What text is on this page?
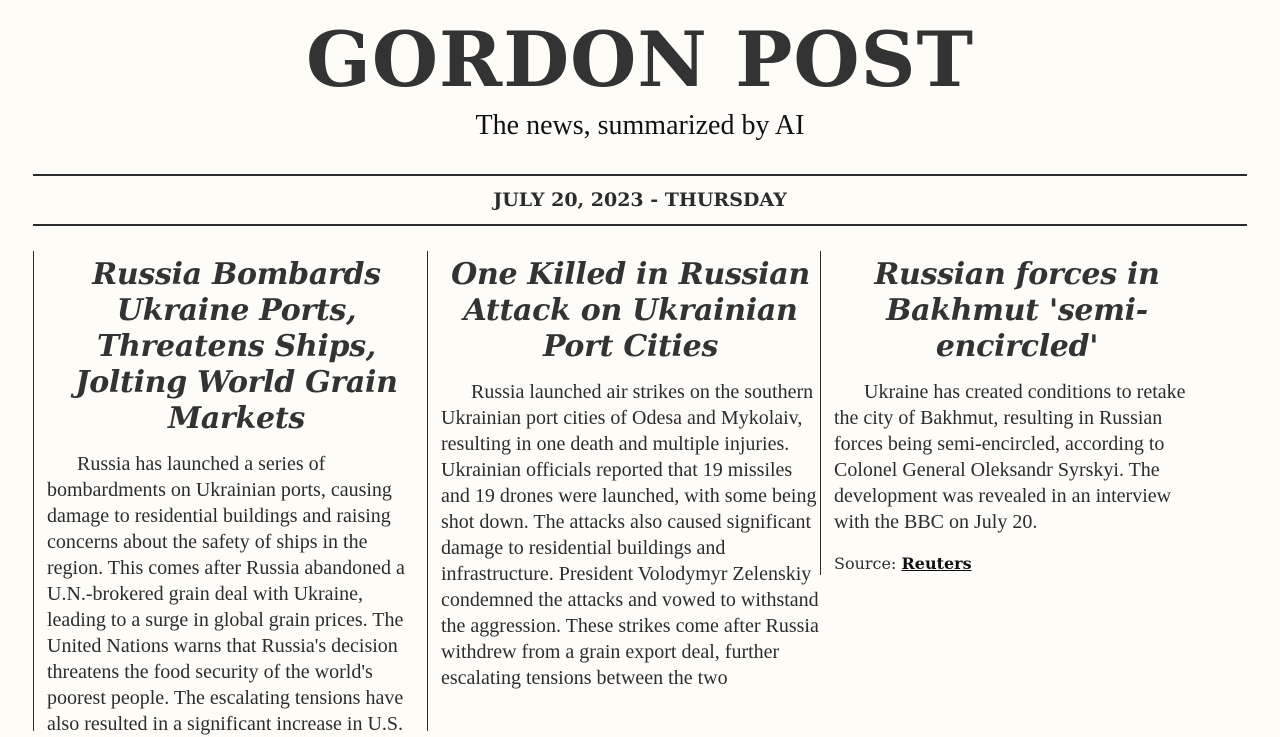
GORDON POST

The news, summarized by AI

JULY 20, 2023 - THURSDAY
Russia Bombards Ukraine Ports, Threatens Ships, Jolting World Grain Markets

Russia has launched a series of bombardments on Ukrainian ports, causing damage to residential buildings and raising concerns about the safety of ships in the region. This comes after Russia abandoned a U.N.-brokered grain deal with Ukraine, leading to a surge in global grain prices. The United Nations warns that Russia's decision threatens the food security of the world's poorest people. The escalating tensions have also resulted in a significant increase in U.S.

One Killed in Russian Attack on Ukrainian Port Cities

Russia launched air strikes on the southern Ukrainian port cities of Odesa and Mykolaiv, resulting in one death and multiple injuries. Ukrainian officials reported that 19 missiles and 19 drones were launched, with some being shot down. The attacks also caused significant damage to residential buildings and infrastructure. President Volodymyr Zelenskiy condemned the attacks and vowed to withstand the aggression. These strikes come after Russia withdrew from a grain export deal, further escalating tensions between the two

Russian forces in Bakhmut 'semi-encircled'

Ukraine has created conditions to retake the city of Bakhmut, resulting in Russian forces being semi-encircled, according to Colonel General Oleksandr Syrskyi. The development was revealed in an interview with the BBC on July 20.

Source: Reuters
